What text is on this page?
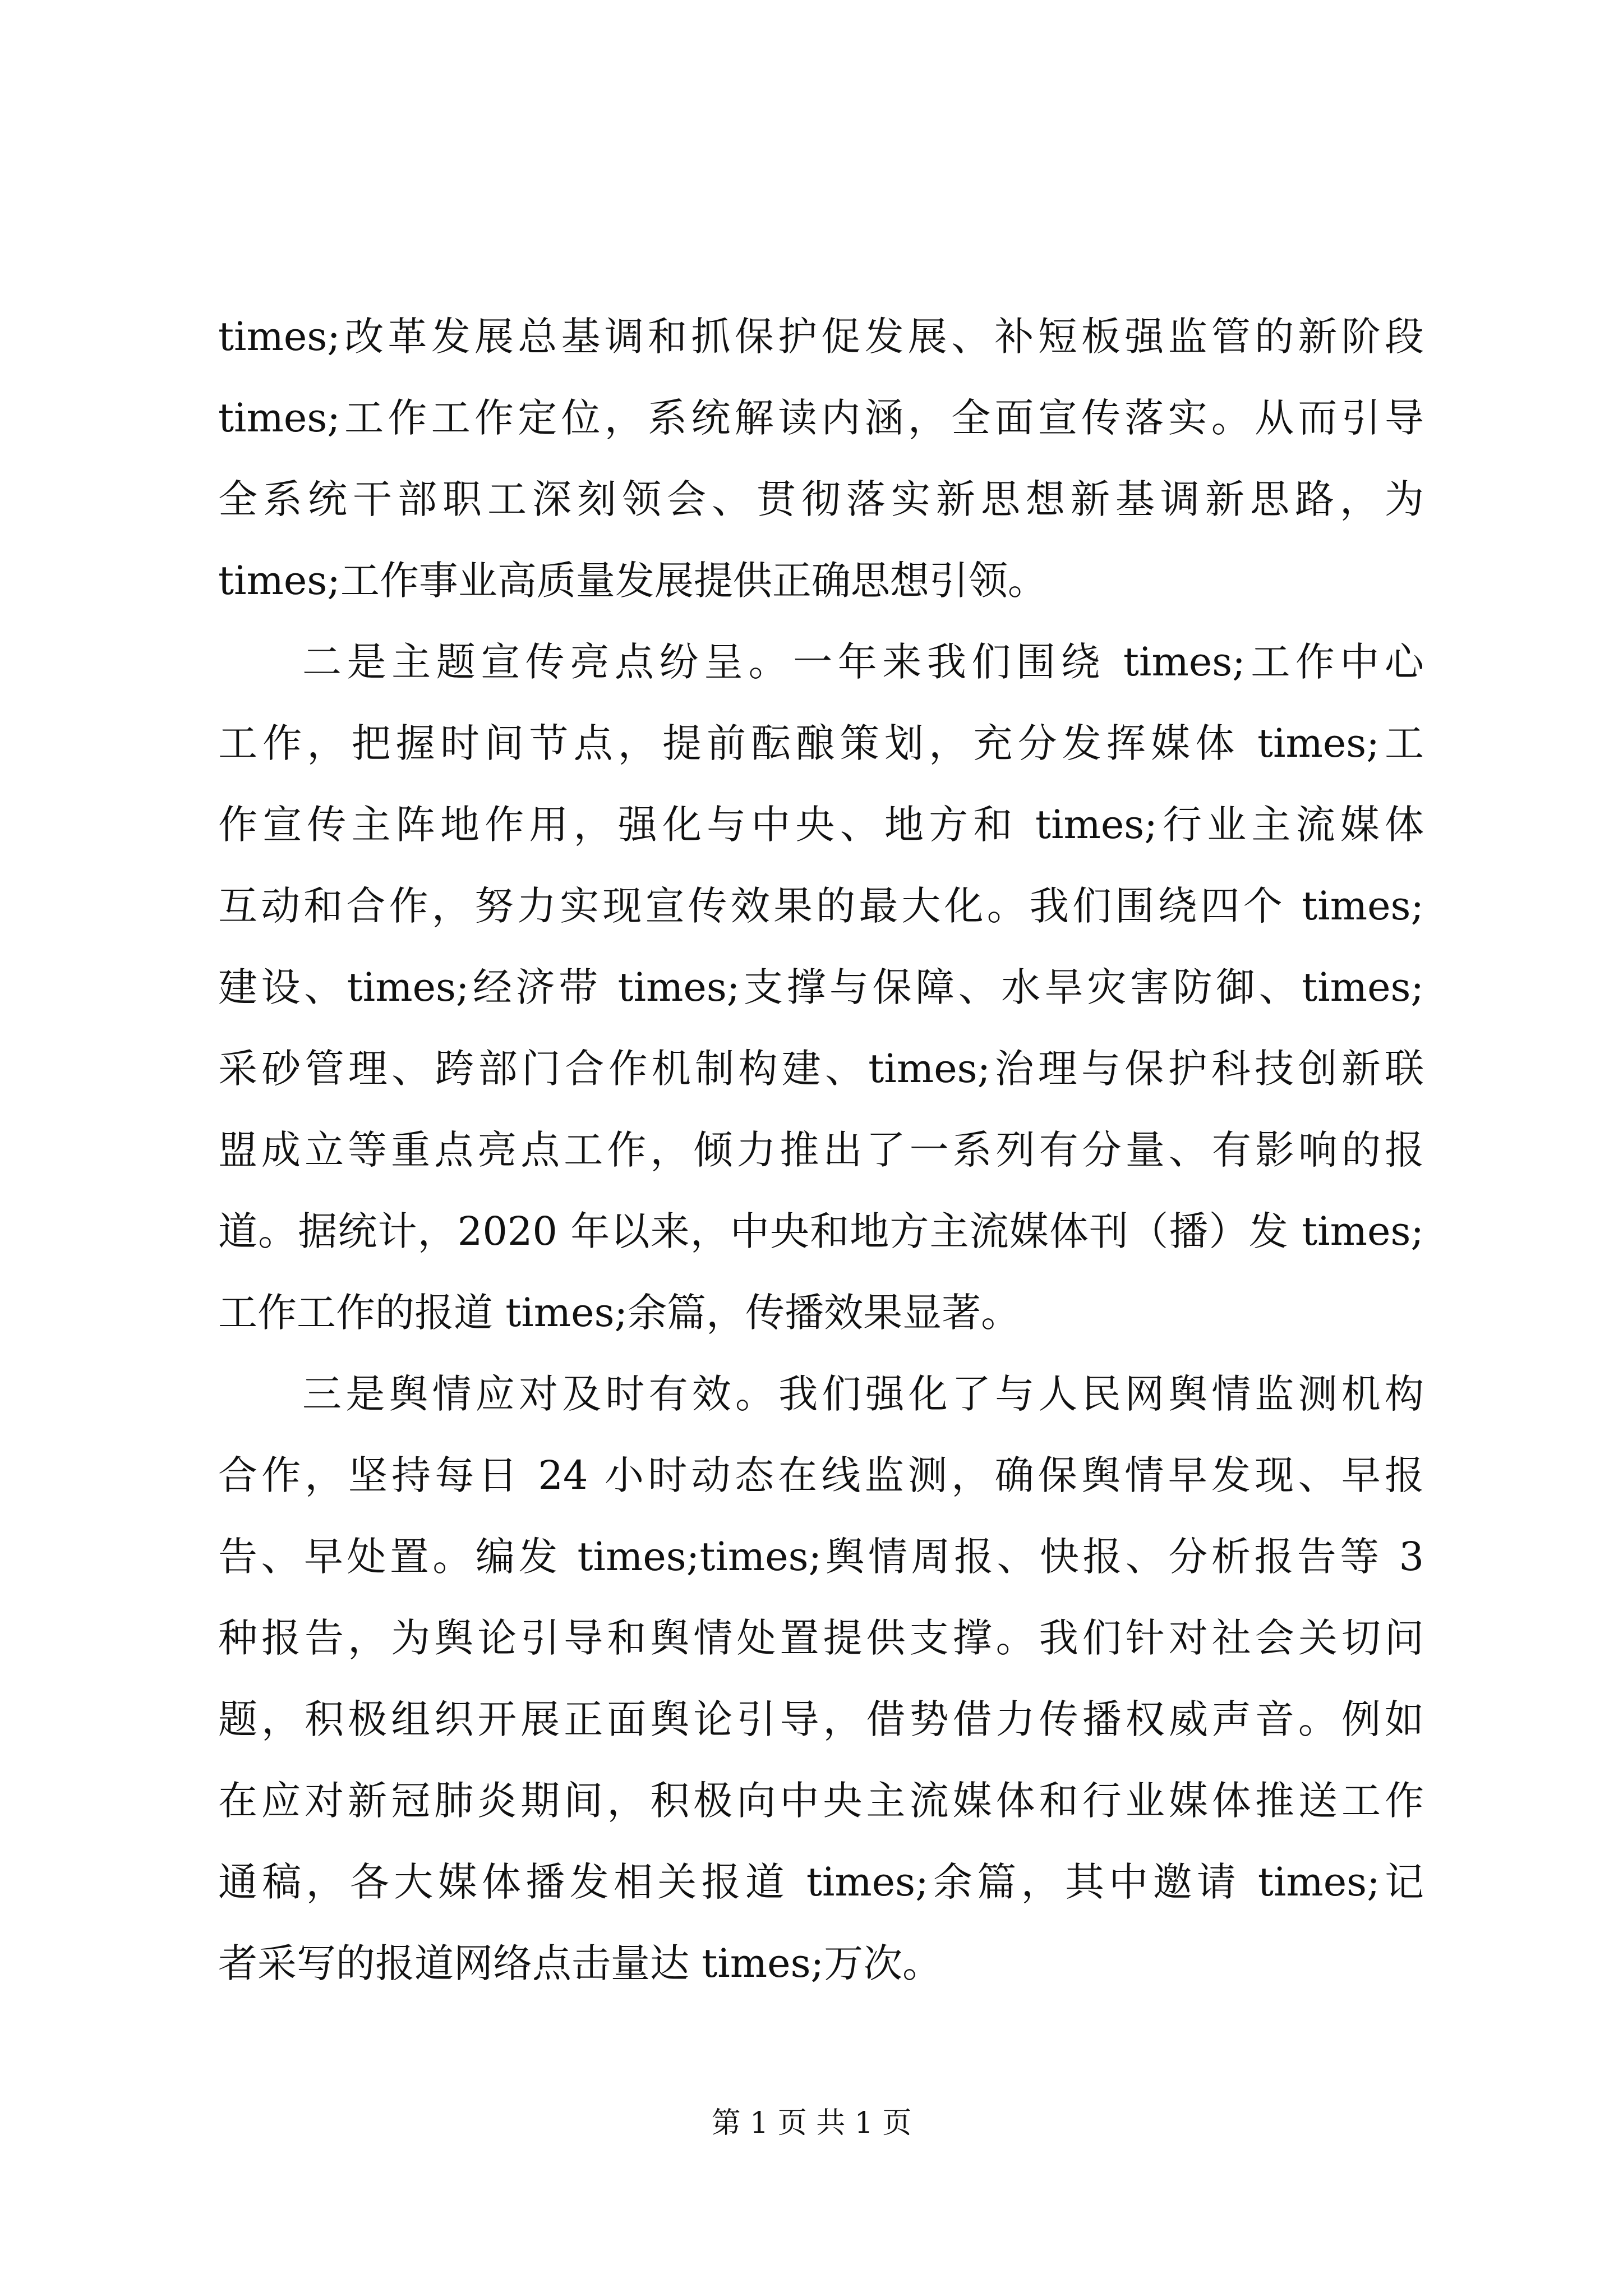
times;改革发展总基调和抓保护促发展、补短板强监管的新阶段
times;工作工作定位，系统解读内涵，全面宣传落实。从而引导
全系统干部职工深刻领会、贯彻落实新思想新基调新思路，为
times;工作事业高质量发展提供正确思想引领。
二是主题宣传亮点纷呈。一年来我们围绕 times;工作中心
工作，把握时间节点，提前酝酿策划，充分发挥媒体 times;工
作宣传主阵地作用，强化与中央、地方和 times;行业主流媒体
互动和合作，努力实现宣传效果的最大化。我们围绕四个 times;
建设、times;经济带 times;支撑与保障、水旱灾害防御、times;
采砂管理、跨部门合作机制构建、times;治理与保护科技创新联
盟成立等重点亮点工作，倾力推出了一系列有分量、有影响的报
道。据统计，2020 年以来，中央和地方主流媒体刊（播）发 times;
工作工作的报道 times;余篇，传播效果显著。
三是舆情应对及时有效。我们强化了与人民网舆情监测机构
合作，坚持每日 24 小时动态在线监测，确保舆情早发现、早报
告、早处置。编发 times;times;舆情周报、快报、分析报告等 3
种报告，为舆论引导和舆情处置提供支撑。我们针对社会关切问
题，积极组织开展正面舆论引导，借势借力传播权威声音。例如
在应对新冠肺炎期间，积极向中央主流媒体和行业媒体推送工作
通稿，各大媒体播发相关报道 times;余篇，其中邀请 times;记
者采写的报道网络点击量达 times;万次。
第 1 页 共 1 页
